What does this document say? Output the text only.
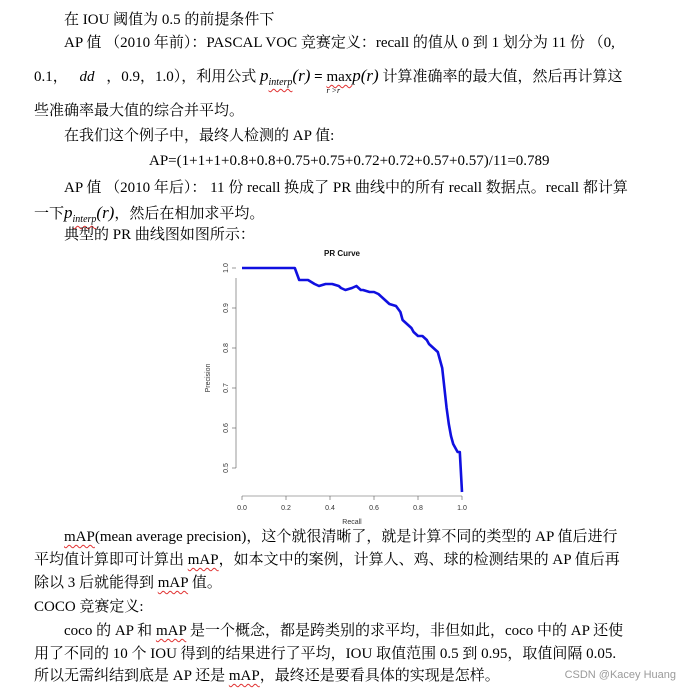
在 IOU 阈值为 0.5 的前提条件下
AP 值 （2010 年前）：PASCAL VOC 竞赛定义：recall 的值从 0 到 1 划分为 11 份 （0,
0.1， dd ，0.9，1.0），利用公式 $p_{interp}(r) = \max$
r >r
p(r) 计算准确率的最大值，然后再计算这
些准确率最大值的综合并平均。
在我们这个例子中，最终人检测的 AP 值:
AP=(1+1+1+0.8+0.8+0.75+0.75+0.72+0.72+0.57+0.57)/11=0.789
AP 值 （2010 年后）： 11 份 recall 换成了 PR 曲线中的所有 recall 数据点。recall 都计算
一下$p_{interp}(r)$，然后在相加求平均。
典型的 PR 曲线图如图所示：
PR Curve
0.5
0.6
0.7
0.8
0.9
1.0
0.0	0.2	0.4	0.6	0.8	1.0
Recall
Precision
mAP(mean average precision)，这个就很清晰了，就是计算不同的类型的 AP 值后进行
平均值计算即可计算出 mAP，如本文中的案例，计算人、鸡、球的检测结果的 AP 值后再
除以 3 后就能得到 mAP 值。
COCO 竞赛定义:
coco 的 AP 和 mAP 是一个概念，都是跨类别的求平均，非但如此，coco 中的 AP 还使
用了不同的 10 个 IOU 得到的结果进行了平均，IOU 取值范围 0.5 到 0.95，取值间隔 0.05.
所以无需纠结到底是 AP 还是 mAP，最终还是要看具体的实现是怎样。	CSDN @Kacey Huang
